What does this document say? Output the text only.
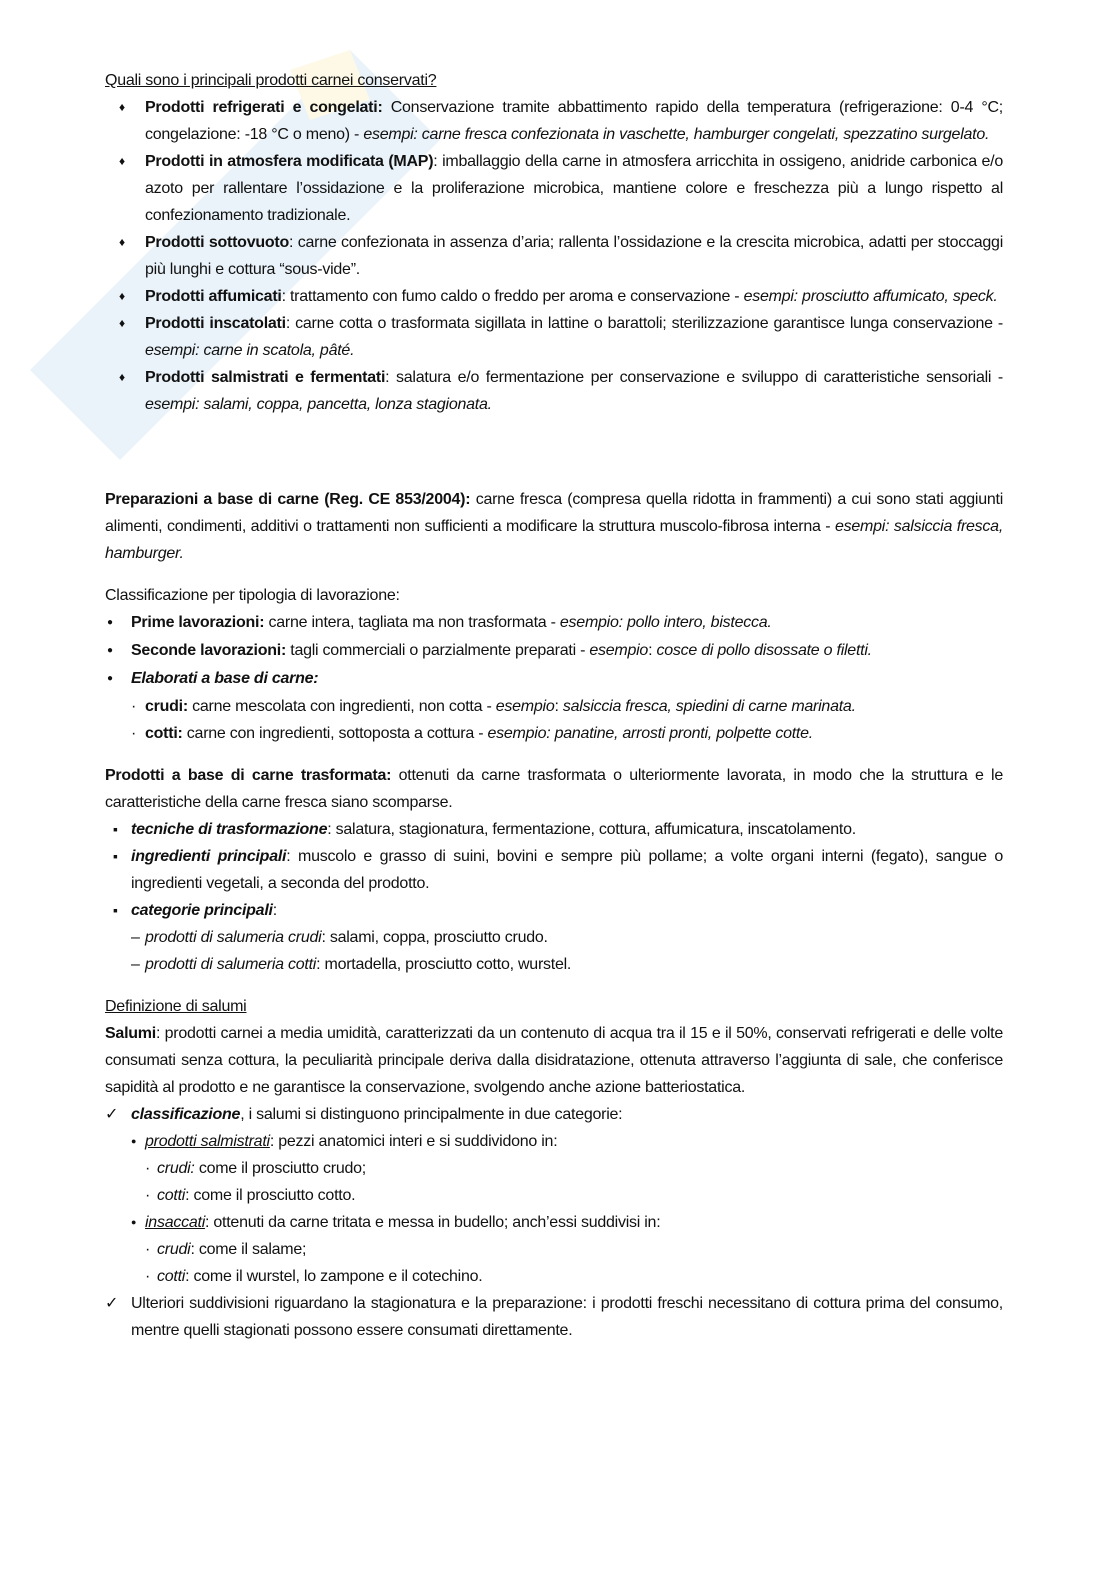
Quali sono i principali prodotti carnei conservati?
♦ Prodotti refrigerati e congelati: Conservazione tramite abbattimento rapido della temperatura (refrigerazione: 0-4 °C; congelazione: -18 °C o meno) - esempi: carne fresca confezionata in vaschette, hamburger congelati, spezzatino surgelato.
♦ Prodotti in atmosfera modificata (MAP): imballaggio della carne in atmosfera arricchita in ossigeno, anidride carbonica e/o azoto per rallentare l’ossidazione e la proliferazione microbica, mantiene colore e freschezza più a lungo rispetto al confezionamento tradizionale.
♦ Prodotti sottovuoto: carne confezionata in assenza d’aria; rallenta l’ossidazione e la crescita microbica, adatti per stoccaggi più lunghi e cottura “sous-vide”.
♦ Prodotti affumicati: trattamento con fumo caldo o freddo per aroma e conservazione - esempi: prosciutto affumicato, speck.
♦ Prodotti inscatolati: carne cotta o trasformata sigillata in lattine o barattoli; sterilizzazione garantisce lunga conservazione - esempi: carne in scatola, pâté.
♦ Prodotti salmistrati e fermentati: salatura e/o fermentazione per conservazione e sviluppo di caratteristiche sensoriali - esempi: salami, coppa, pancetta, lonza stagionata.
Preparazioni a base di carne (Reg. CE 853/2004): carne fresca (compresa quella ridotta in frammenti) a cui sono stati aggiunti alimenti, condimenti, additivi o trattamenti non sufficienti a modificare la struttura muscolo-fibrosa interna - esempi: salsiccia fresca, hamburger.
Classificazione per tipologia di lavorazione:
● Prime lavorazioni: carne intera, tagliata ma non trasformata - esempio: pollo intero, bistecca.
● Seconde lavorazioni: tagli commerciali o parzialmente preparati - esempio: cosce di pollo disossate o filetti.
● Elaborati a base di carne:
· crudi: carne mescolata con ingredienti, non cotta - esempio: salsiccia fresca, spiedini di carne marinata.
· cotti: carne con ingredienti, sottoposta a cottura - esempio: panatine, arrosti pronti, polpette cotte.
Prodotti a base di carne trasformata: ottenuti da carne trasformata o ulteriormente lavorata, in modo che la struttura e le caratteristiche della carne fresca siano scomparse.
▪ tecniche di trasformazione: salatura, stagionatura, fermentazione, cottura, affumicatura, inscatolamento.
▪ ingredienti principali: muscolo e grasso di suini, bovini e sempre più pollame; a volte organi interni (fegato), sangue o ingredienti vegetali, a seconda del prodotto.
▪ categorie principali:
– prodotti di salumeria crudi: salami, coppa, prosciutto crudo.
– prodotti di salumeria cotti: mortadella, prosciutto cotto, wurstel.
Definizione di salumi
Salumi: prodotti carnei a media umidità, caratterizzati da un contenuto di acqua tra il 15 e il 50%, conservati refrigerati e delle volte consumati senza cottura, la peculiarità principale deriva dalla disidratazione, ottenuta attraverso l’aggiunta di sale, che conferisce sapidità al prodotto e ne garantisce la conservazione, svolgendo anche azione batteriostatica.
✓ classificazione, i salumi si distinguono principalmente in due categorie:
● prodotti salmistrati: pezzi anatomici interi e si suddividono in:
· crudi: come il prosciutto crudo;
· cotti: come il prosciutto cotto.
● insaccati: ottenuti da carne tritata e messa in budello; anch’essi suddivisi in:
· crudi: come il salame;
· cotti: come il wurstel, lo zampone e il cotechino.
✓ Ulteriori suddivisioni riguardano la stagionatura e la preparazione: i prodotti freschi necessitano di cottura prima del consumo, mentre quelli stagionati possono essere consumati direttamente.
